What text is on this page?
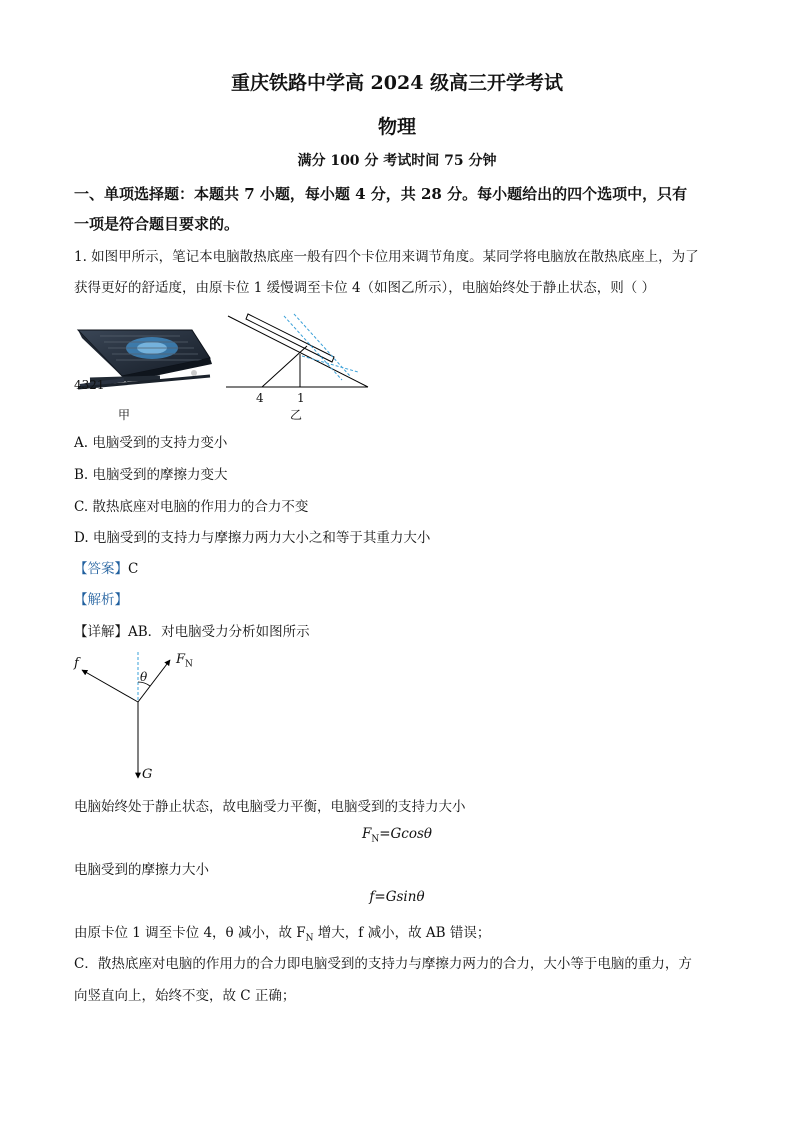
重庆铁路中学高 2024 级高三开学考试
物理
满分 100 分 考试时间 75 分钟
一、单项选择题：本题共 7 小题，每小题 4 分，共 28 分。每小题给出的四个选项中，只有
一项是符合题目要求的。
1. 如图甲所示，笔记本电脑散热底座一般有四个卡位用来调节角度。某同学将电脑放在散热底座上，为了
获得更好的舒适度，由原卡位 1 缓慢调至卡位 4（如图乙所示），电脑始终处于静止状态，则（ ）
4321
甲
4	1
乙
A. 电脑受到的支持力变小
B. 电脑受到的摩擦力变大
C. 散热底座对电脑的作用力的合力不变
D. 电脑受到的支持力与摩擦力两力大小之和等于其重力大小
【答案】C
【解析】
【详解】AB．对电脑受力分析如图所示
f	$F_N$
θ
G
电脑始终处于静止状态，故电脑受力平衡，电脑受到的支持力大小
$F_N=Gcos\theta$
电脑受到的摩擦力大小
f=Gsinθ
由原卡位 1 调至卡位 4，θ 减小，故 $F_N$ 增大，f 减小，故 AB 错误；
C．散热底座对电脑的作用力的合力即电脑受到的支持力与摩擦力两力的合力，大小等于电脑的重力，方
向竖直向上，始终不变，故 C 正确；
